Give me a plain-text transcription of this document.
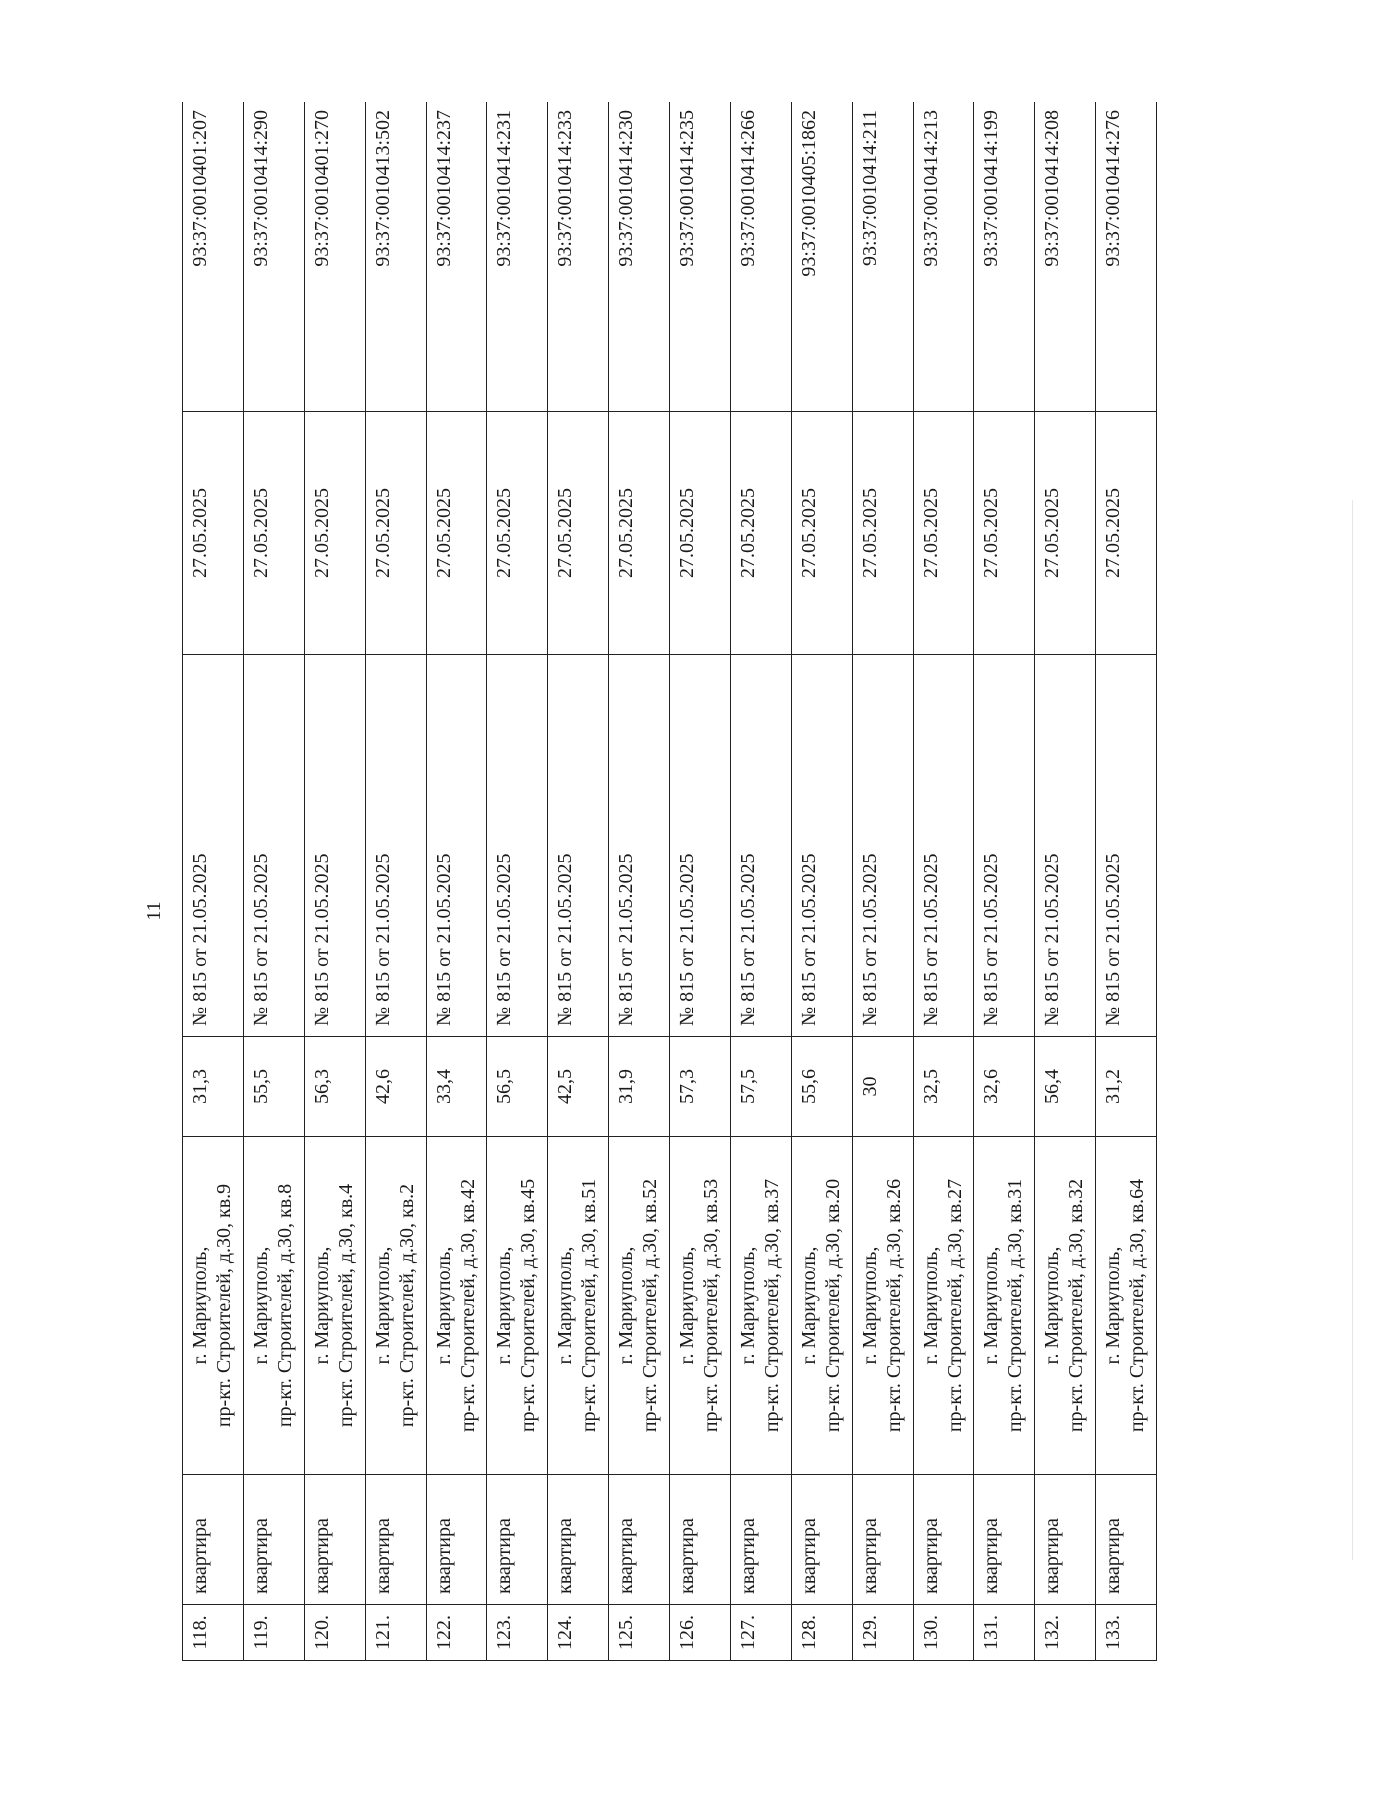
11
118.	квартира	г. Мариуполь, пр-кт. Строителей, д.30, кв.9	31,3	№ 815 от 21.05.2025	27.05.2025	93:37:0010401:207
119.	квартира	г. Мариуполь, пр-кт. Строителей, д.30, кв.8	55,5	№ 815 от 21.05.2025	27.05.2025	93:37:0010414:290
120.	квартира	г. Мариуполь, пр-кт. Строителей, д.30, кв.4	56,3	№ 815 от 21.05.2025	27.05.2025	93:37:0010401:270
121.	квартира	г. Мариуполь, пр-кт. Строителей, д.30, кв.2	42,6	№ 815 от 21.05.2025	27.05.2025	93:37:0010413:502
122.	квартира	г. Мариуполь, пр-кт. Строителей, д.30, кв.42	33,4	№ 815 от 21.05.2025	27.05.2025	93:37:0010414:237
123.	квартира	г. Мариуполь, пр-кт. Строителей, д.30, кв.45	56,5	№ 815 от 21.05.2025	27.05.2025	93:37:0010414:231
124.	квартира	г. Мариуполь, пр-кт. Строителей, д.30, кв.51	42,5	№ 815 от 21.05.2025	27.05.2025	93:37:0010414:233
125.	квартира	г. Мариуполь, пр-кт. Строителей, д.30, кв.52	31,9	№ 815 от 21.05.2025	27.05.2025	93:37:0010414:230
126.	квартира	г. Мариуполь, пр-кт. Строителей, д.30, кв.53	57,3	№ 815 от 21.05.2025	27.05.2025	93:37:0010414:235
127.	квартира	г. Мариуполь, пр-кт. Строителей, д.30, кв.37	57,5	№ 815 от 21.05.2025	27.05.2025	93:37:0010414:266
128.	квартира	г. Мариуполь, пр-кт. Строителей, д.30, кв.20	55,6	№ 815 от 21.05.2025	27.05.2025	93:37:0010405:1862
129.	квартира	г. Мариуполь, пр-кт. Строителей, д.30, кв.26	30	№ 815 от 21.05.2025	27.05.2025	93:37:0010414:211
130.	квартира	г. Мариуполь, пр-кт. Строителей, д.30, кв.27	32,5	№ 815 от 21.05.2025	27.05.2025	93:37:0010414:213
131.	квартира	г. Мариуполь, пр-кт. Строителей, д.30, кв.31	32,6	№ 815 от 21.05.2025	27.05.2025	93:37:0010414:199
132.	квартира	г. Мариуполь, пр-кт. Строителей, д.30, кв.32	56,4	№ 815 от 21.05.2025	27.05.2025	93:37:0010414:208
133.	квартира	г. Мариуполь, пр-кт. Строителей, д.30, кв.64	31,2	№ 815 от 21.05.2025	27.05.2025	93:37:0010414:276
